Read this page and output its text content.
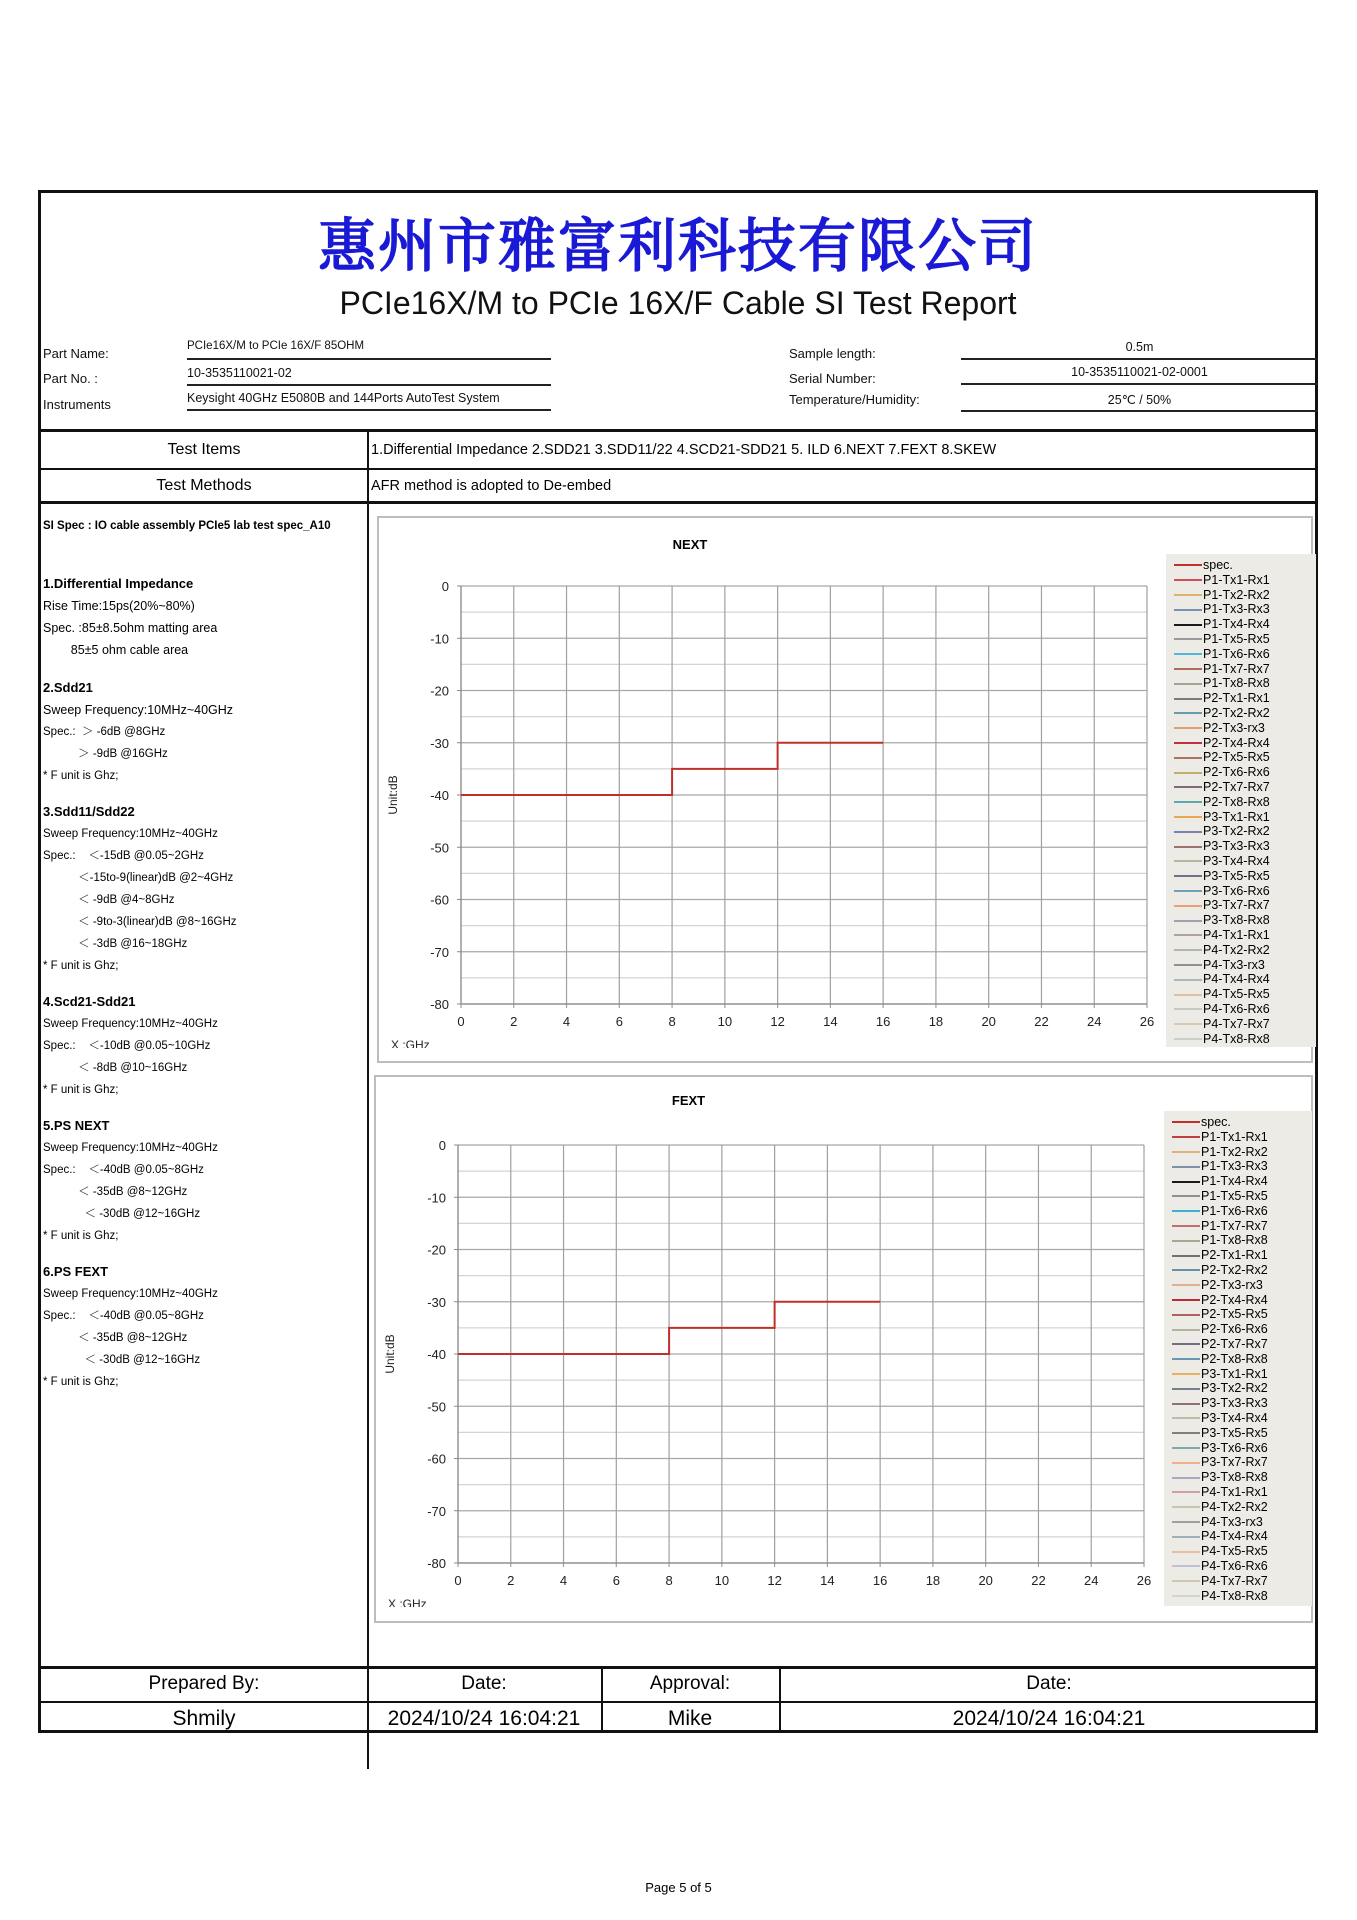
惠州市雅富利科技有限公司
PCIe16X/M to PCIe 16X/F Cable SI Test Report
Part Name:	PCIe16X/M to PCIe 16X/F 85OHM
Part No. :	10-3535110021-02
Instruments	Keysight 40GHz E5080B and 144Ports AutoTest System
Sample length:	0.5m
Serial Number:	10-3535110021-02-0001
Temperature/Humidity:	25℃ / 50%
Test Items	1.Differential Impedance 2.SDD21 3.SDD11/22 4.SCD21-SDD21 5. ILD 6.NEXT 7.FEXT 8.SKEW
Test Methods	AFR method is adopted to De-embed
SI Spec : IO cable assembly PCIe5 lab test spec_A10
1.Differential Impedance
Rise Time:15ps(20%~80%)
Spec. :85±8.5ohm matting area
85±5 ohm cable area
2.Sdd21
Sweep Frequency:10MHz~40GHz
Spec.:  ＞ -6dB @8GHz
＞ -9dB @16GHz
* F unit is Ghz;
3.Sdd11/Sdd22
Sweep Frequency:10MHz~40GHz
Spec.:    ＜-15dB @0.05~2GHz
＜-15to-9(linear)dB @2~4GHz
＜ -9dB @4~8GHz
＜ -9to-3(linear)dB @8~16GHz
＜ -3dB @16~18GHz
* F unit is Ghz;
4.Scd21-Sdd21
Sweep Frequency:10MHz~40GHz
Spec.:    ＜-10dB @0.05~10GHz
＜ -8dB @10~16GHz
* F unit is Ghz;
5.PS NEXT
Sweep Frequency:10MHz~40GHz
Spec.:    ＜-40dB @0.05~8GHz
＜ -35dB @8~12GHz
＜ -30dB @12~16GHz
* F unit is Ghz;
6.PS FEXT
Sweep Frequency:10MHz~40GHz
Spec.:    ＜-40dB @0.05~8GHz
＜ -35dB @8~12GHz
＜ -30dB @12~16GHz
* F unit is Ghz;
NEXT
0	2	4	6	8	10	12	14	16	18	20	22	24	26
0
-10
-20
-30
-40
-50
-60
-70
-80
Unit:dB
X :GHz
spec.
P1-Tx1-Rx1
P1-Tx2-Rx2
P1-Tx3-Rx3
P1-Tx4-Rx4
P1-Tx5-Rx5
P1-Tx6-Rx6
P1-Tx7-Rx7
P1-Tx8-Rx8
P2-Tx1-Rx1
P2-Tx2-Rx2
P2-Tx3-rx3
P2-Tx4-Rx4
P2-Tx5-Rx5
P2-Tx6-Rx6
P2-Tx7-Rx7
P2-Tx8-Rx8
P3-Tx1-Rx1
P3-Tx2-Rx2
P3-Tx3-Rx3
P3-Tx4-Rx4
P3-Tx5-Rx5
P3-Tx6-Rx6
P3-Tx7-Rx7
P3-Tx8-Rx8
P4-Tx1-Rx1
P4-Tx2-Rx2
P4-Tx3-rx3
P4-Tx4-Rx4
P4-Tx5-Rx5
P4-Tx6-Rx6
P4-Tx7-Rx7
P4-Tx8-Rx8
FEXT
0	2	4	6	8	10	12	14	16	18	20	22	24	26
0
-10
-20
-30
-40
-50
-60
-70
-80
Unit:dB
X :GHz
spec.
P1-Tx1-Rx1
P1-Tx2-Rx2
P1-Tx3-Rx3
P1-Tx4-Rx4
P1-Tx5-Rx5
P1-Tx6-Rx6
P1-Tx7-Rx7
P1-Tx8-Rx8
P2-Tx1-Rx1
P2-Tx2-Rx2
P2-Tx3-rx3
P2-Tx4-Rx4
P2-Tx5-Rx5
P2-Tx6-Rx6
P2-Tx7-Rx7
P2-Tx8-Rx8
P3-Tx1-Rx1
P3-Tx2-Rx2
P3-Tx3-Rx3
P3-Tx4-Rx4
P3-Tx5-Rx5
P3-Tx6-Rx6
P3-Tx7-Rx7
P3-Tx8-Rx8
P4-Tx1-Rx1
P4-Tx2-Rx2
P4-Tx3-rx3
P4-Tx4-Rx4
P4-Tx5-Rx5
P4-Tx6-Rx6
P4-Tx7-Rx7
P4-Tx8-Rx8
Prepared By:	Date:	Approval:	Date:
Shmily	2024/10/24 16:04:21	Mike	2024/10/24 16:04:21
Page 5 of 5
